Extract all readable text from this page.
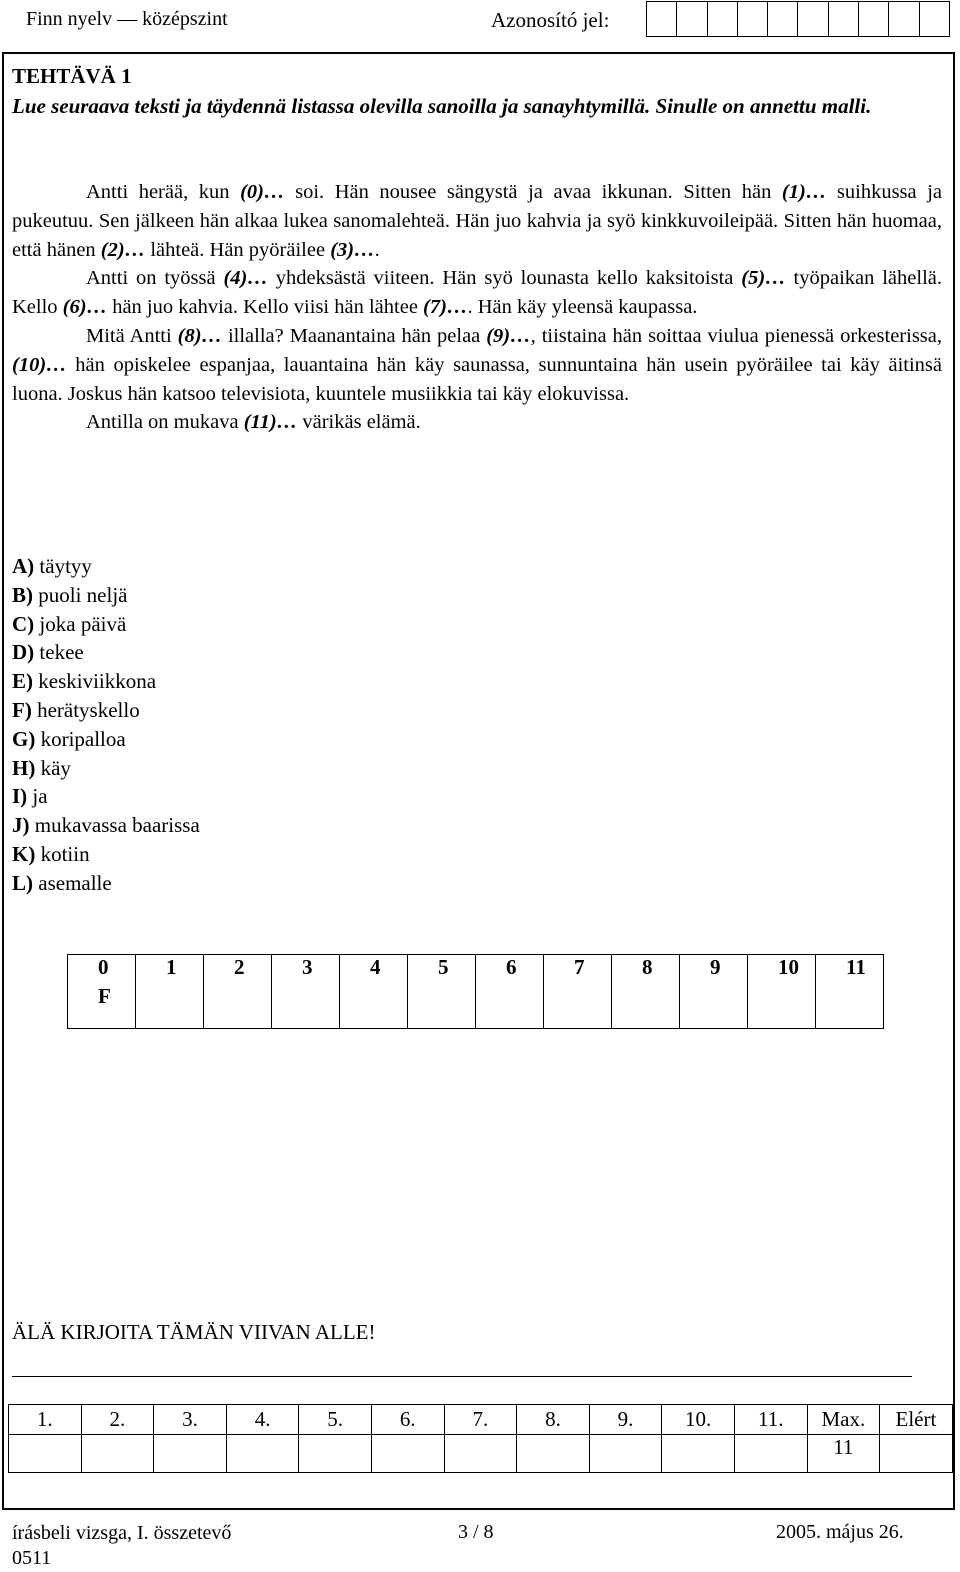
Finn nyelv — középszint	Azonosító jel:
TEHTÄVÄ 1
Lue seuraava teksti ja täydennä listassa olevilla sanoilla ja sanayhtymillä. Sinulle on annettu malli.

Antti herää, kun (0)… soi. Hän nousee sängystä ja avaa ikkunan. Sitten hän (1)… suihkussa ja pukeutuu. Sen jälkeen hän alkaa lukea sanomalehteä. Hän juo kahvia ja syö kinkkuvoileipää. Sitten hän huomaa, että hänen (2)… lähteä. Hän pyöräilee (3)….

Antti on työssä (4)… yhdeksästä viiteen. Hän syö lounasta kello kaksitoista (5)… työpaikan lähellä. Kello (6)… hän juo kahvia. Kello viisi hän lähtee (7)…. Hän käy yleensä kaupassa.

Mitä Antti (8)… illalla? Maanantaina hän pelaa (9)…, tiistaina hän soittaa viulua pienessä orkesterissa, (10)… hän opiskelee espanjaa, lauantaina hän käy saunassa, sunnuntaina hän usein pyöräilee tai käy äitinsä luona. Joskus hän katsoo televisiota, kuuntele musiikkia tai käy elokuvissa.

Antilla on mukava (11)… värikäs elämä.

A) täytyy
B) puoli neljä
C) joka päivä
D) tekee
E) keskiviikkona
F) herätyskello
G) koripalloa
H) käy
I) ja
J) mukavassa baarissa
K) kotiin
L) asemalle
0	1	2	3	4	5	6	7	8	9	10	11
F											
ÄLÄ KIRJOITA TÄMÄN VIIVAN ALLE!
1.	2.	3.	4.	5.	6.	7.	8.	9.	10.	11.	Max.	Elért
											11	
írásbeli vizsga, I. összetevő
0511
3 / 8	2005. május 26.
